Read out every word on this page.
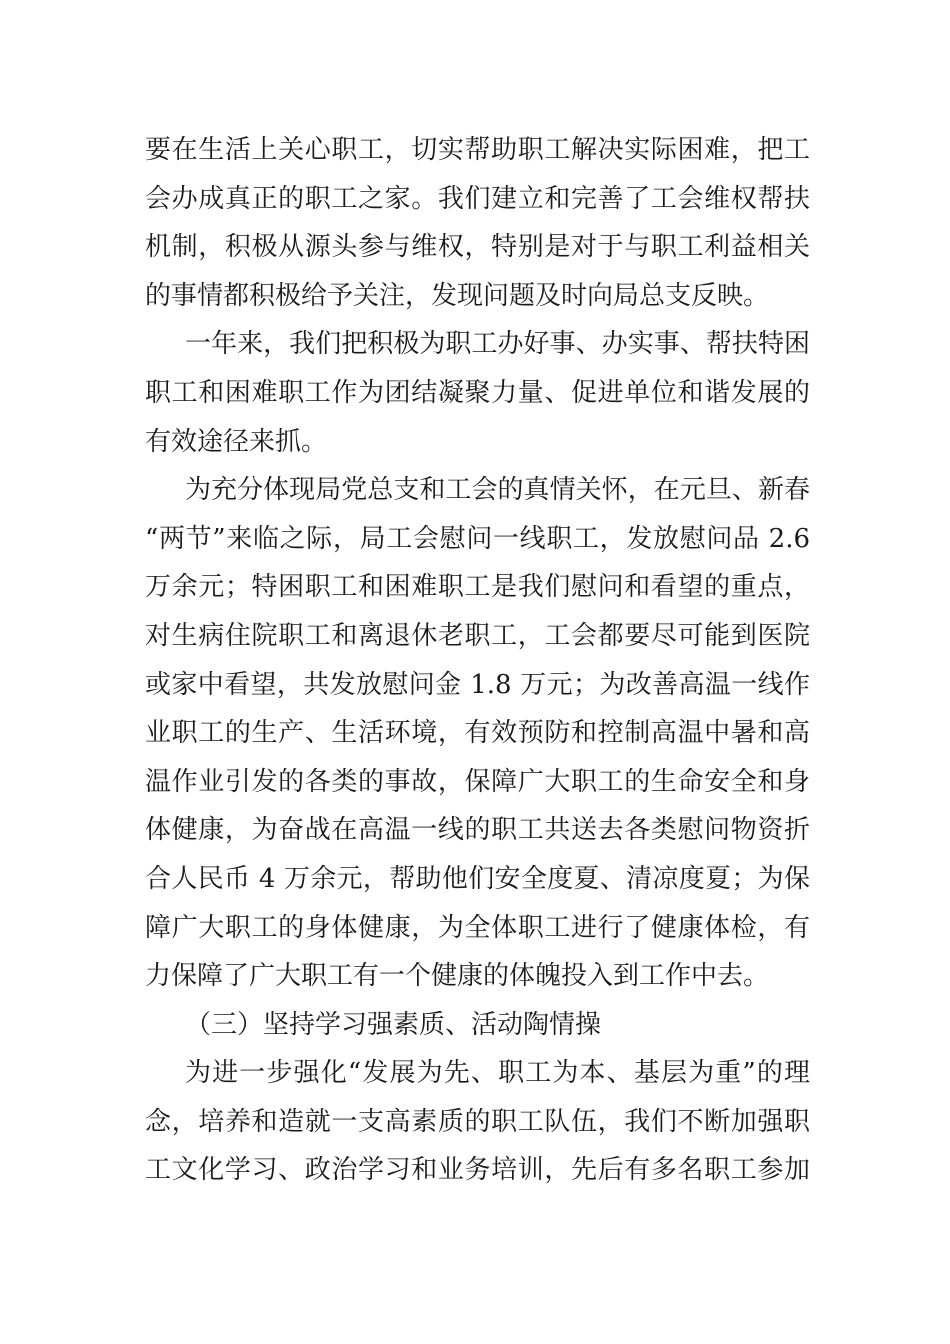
要在生活上关心职工，切实帮助职工解决实际困难，把工
会办成真正的职工之家。我们建立和完善了工会维权帮扶
机制，积极从源头参与维权，特别是对于与职工利益相关
的事情都积极给予关注，发现问题及时向局总支反映。
一年来，我们把积极为职工办好事、办实事、帮扶特困
职工和困难职工作为团结凝聚力量、促进单位和谐发展的
有效途径来抓。
为充分体现局党总支和工会的真情关怀，在元旦、新春
“两节”来临之际，局工会慰问一线职工，发放慰问品 2.6
万余元；特困职工和困难职工是我们慰问和看望的重点，
对生病住院职工和离退休老职工，工会都要尽可能到医院
或家中看望，共发放慰问金 1.8 万元；为改善高温一线作
业职工的生产、生活环境，有效预防和控制高温中暑和高
温作业引发的各类的事故，保障广大职工的生命安全和身
体健康，为奋战在高温一线的职工共送去各类慰问物资折
合人民币 4 万余元，帮助他们安全度夏、清凉度夏；为保
障广大职工的身体健康，为全体职工进行了健康体检，有
力保障了广大职工有一个健康的体魄投入到工作中去。
（三）坚持学习强素质、活动陶情操
为进一步强化“发展为先、职工为本、基层为重”的理
念，培养和造就一支高素质的职工队伍，我们不断加强职
工文化学习、政治学习和业务培训，先后有多名职工参加
